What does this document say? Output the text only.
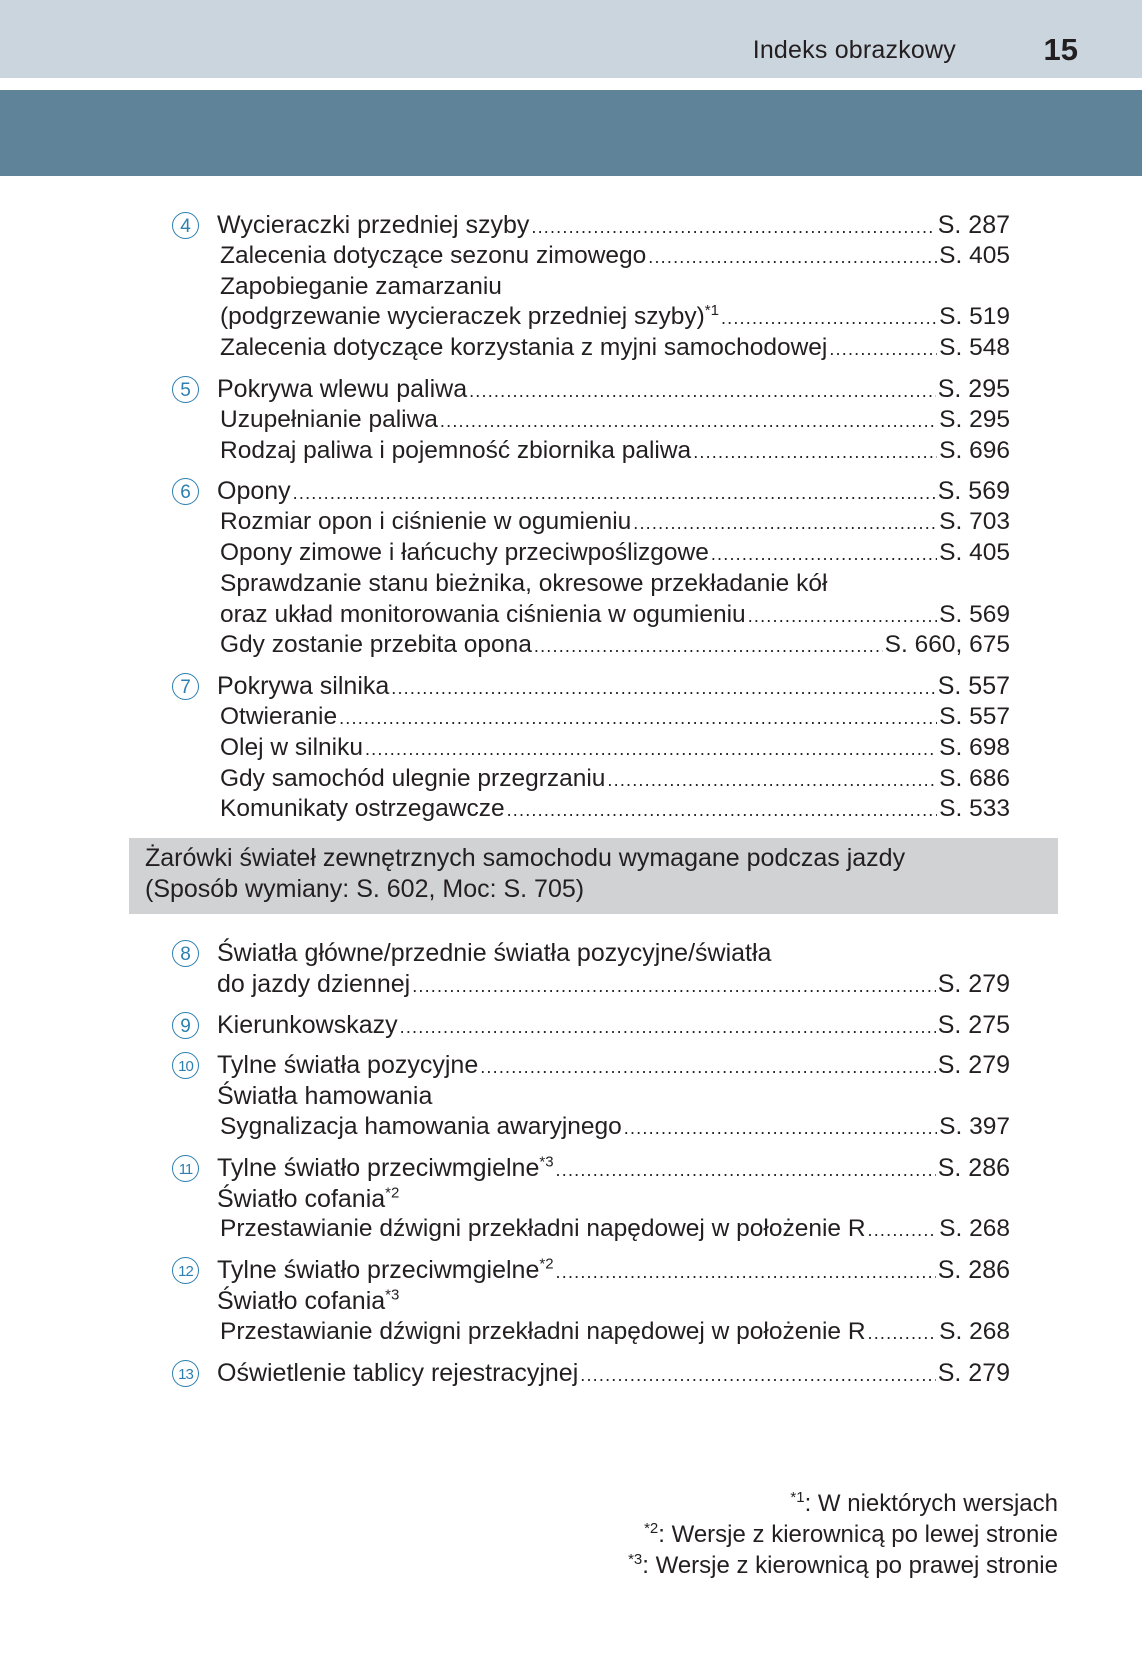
Indeks obrazkowy	15
4	Wycieraczki przedniej szyby .....	S. 287
Zalecenia dotyczące sezonu zimowego .....	S. 405
Zapobieganie zamarzaniu
(podgrzewanie wycieraczek przedniej szyby)$^{*1}$ .....	S. 519
Zalecenia dotyczące korzystania z myjni samochodowej .....	S. 548
5	Pokrywa wlewu paliwa .....	S. 295
Uzupełnianie paliwa .....	S. 295
Rodzaj paliwa i pojemność zbiornika paliwa .....	S. 696
6	Opony .....	S. 569
Rozmiar opon i ciśnienie w ogumieniu .....	S. 703
Opony zimowe i łańcuchy przeciwpoślizgowe .....	S. 405
Sprawdzanie stanu bieżnika, okresowe przekładanie kół
oraz układ monitorowania ciśnienia w ogumieniu .....	S. 569
Gdy zostanie przebita opona .....	S. 660, 675
7	Pokrywa silnika .....	S. 557
Otwieranie .....	S. 557
Olej w silniku .....	S. 698
Gdy samochód ulegnie przegrzaniu .....	S. 686
Komunikaty ostrzegawcze .....	S. 533
Żarówki świateł zewnętrznych samochodu wymagane podczas jazdy
(Sposób wymiany: S. 602, Moc: S. 705)
8	Światła główne/przednie światła pozycyjne/światła
do jazdy dziennej .....	S. 279
9	Kierunkowskazy .....	S. 275
10 Tylne światła pozycyjne .....	S. 279
Światła hamowania
Sygnalizacja hamowania awaryjnego .....	S. 397
11 Tylne światło przeciwmgielne$^{*3}$ .....	S. 286
Światło cofania$^{*2}$
Przestawianie dźwigni przekładni napędowej w położenie R .....	S. 268
12 Tylne światło przeciwmgielne$^{*2}$ .....	S. 286
Światło cofania$^{*3}$
Przestawianie dźwigni przekładni napędowej w położenie R .....	S. 268
13 Oświetlenie tablicy rejestracyjnej .....	S. 279
$^{*1}$: W niektórych wersjach
$^{*2}$: Wersje z kierownicą po lewej stronie
$^{*3}$: Wersje z kierownicą po prawej stronie
